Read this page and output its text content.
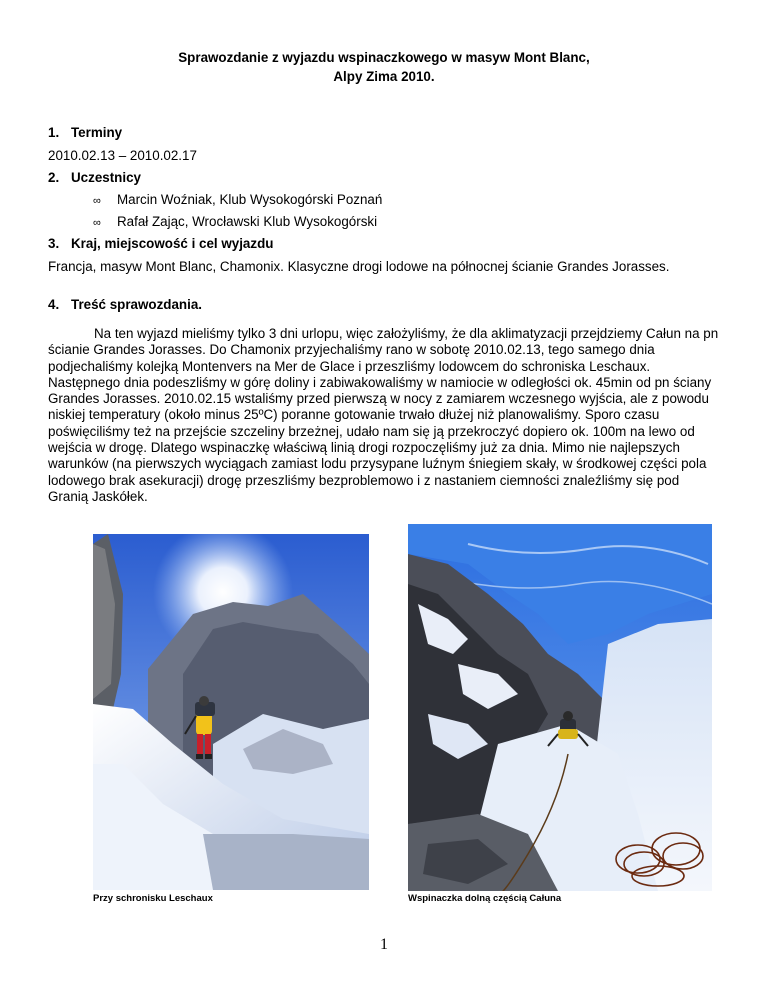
Sprawozdanie z wyjazdu wspinaczkowego w masyw Mont Blanc,
Alpy Zima 2010.
1. Terminy
2010.02.13 – 2010.02.17
2. Uczestnicy
∞ Marcin Woźniak, Klub Wysokogórski Poznań
∞ Rafał Zając, Wrocławski Klub Wysokogórski
3. Kraj, miejscowość i cel wyjazdu
Francja, masyw Mont Blanc, Chamonix. Klasyczne drogi lodowe na północnej ścianie Grandes Jorasses.
4. Treść sprawozdania.

Na ten wyjazd mieliśmy tylko 3 dni urlopu, więc założyliśmy, że dla aklimatyzacji przejdziemy Całun na pn ścianie Grandes Jorasses. Do Chamonix przyjechaliśmy rano w sobotę 2010.02.13, tego samego dnia podjechaliśmy kolejką Montenvers na Mer de Glace i przeszliśmy lodowcem do schroniska Leschaux. Następnego dnia podeszliśmy w górę doliny i zabiwakowaliśmy w namiocie w odległości ok. 45min od pn ściany Grandes Jorasses. 2010.02.15 wstaliśmy przed pierwszą w nocy z zamiarem wczesnego wyjścia, ale z powodu niskiej temperatury (około minus 25ºC) poranne gotowanie trwało dłużej niż planowaliśmy. Sporo czasu poświęciliśmy też na przejście szczeliny brzeżnej, udało nam się ją przekroczyć dopiero ok. 100m na lewo od wejścia w drogę. Dlatego wspinaczkę właściwą linią drogi rozpoczęliśmy już za dnia. Mimo nie najlepszych warunków (na pierwszych wyciągach zamiast lodu przysypane luźnym śniegiem skały, w środkowej części pola lodowego brak asekuracji) drogę przeszliśmy bezproblemowo i z nastaniem ciemności znaleźliśmy się pod Granią Jaskółek.

Przy schronisku Leschaux	Wspinaczka dolną częścią Całuna
1
